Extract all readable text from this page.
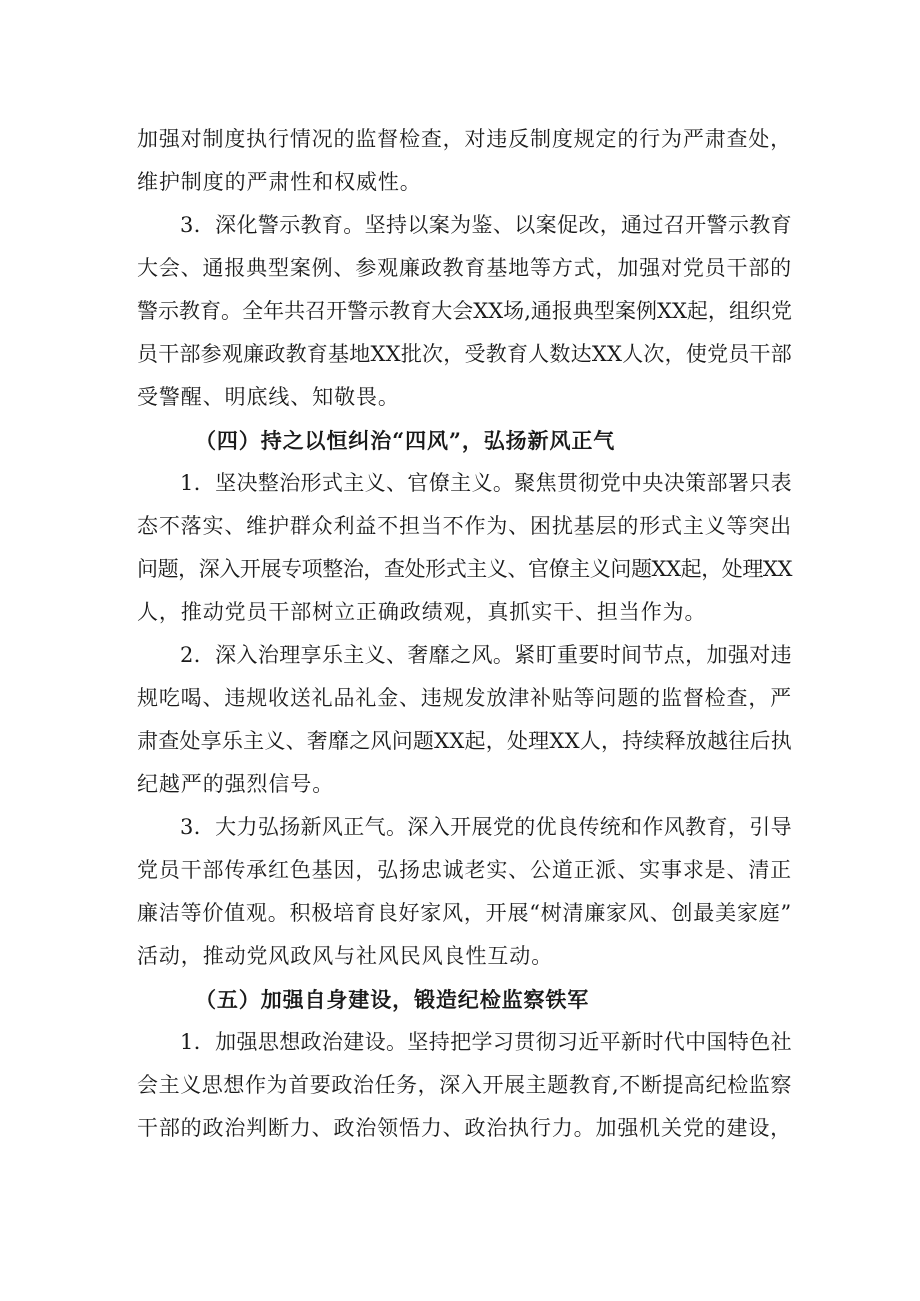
加强对制度执行情况的监督检查，对违反制度规定的行为严肃查处，
维护制度的严肃性和权威性。

3．深化警示教育。坚持以案为鉴、以案促改，通过召开警示教育
大会、通报典型案例、参观廉政教育基地等方式，加强对党员干部的
警示教育。全年共召开警示教育大会XX场,通报典型案例XX起，组织党
员干部参观廉政教育基地XX批次，受教育人数达XX人次，使党员干部
受警醒、明底线、知敬畏。

（四）持之以恒纠治“四风”，弘扬新风正气

1．坚决整治形式主义、官僚主义。聚焦贯彻党中央决策部署只表
态不落实、维护群众利益不担当不作为、困扰基层的形式主义等突出
问题，深入开展专项整治，查处形式主义、官僚主义问题XX起，处理XX
人，推动党员干部树立正确政绩观，真抓实干、担当作为。

2．深入治理享乐主义、奢靡之风。紧盯重要时间节点，加强对违
规吃喝、违规收送礼品礼金、违规发放津补贴等问题的监督检查，严
肃查处享乐主义、奢靡之风问题XX起，处理XX人，持续释放越往后执
纪越严的强烈信号。

3．大力弘扬新风正气。深入开展党的优良传统和作风教育，引导
党员干部传承红色基因，弘扬忠诚老实、公道正派、实事求是、清正
廉洁等价值观。积极培育良好家风，开展“树清廉家风、创最美家庭”
活动，推动党风政风与社风民风良性互动。

（五）加强自身建设，锻造纪检监察铁军

1．加强思想政治建设。坚持把学习贯彻习近平新时代中国特色社
会主义思想作为首要政治任务，深入开展主题教育,不断提高纪检监察
干部的政治判断力、政治领悟力、政治执行力。加强机关党的建设，
